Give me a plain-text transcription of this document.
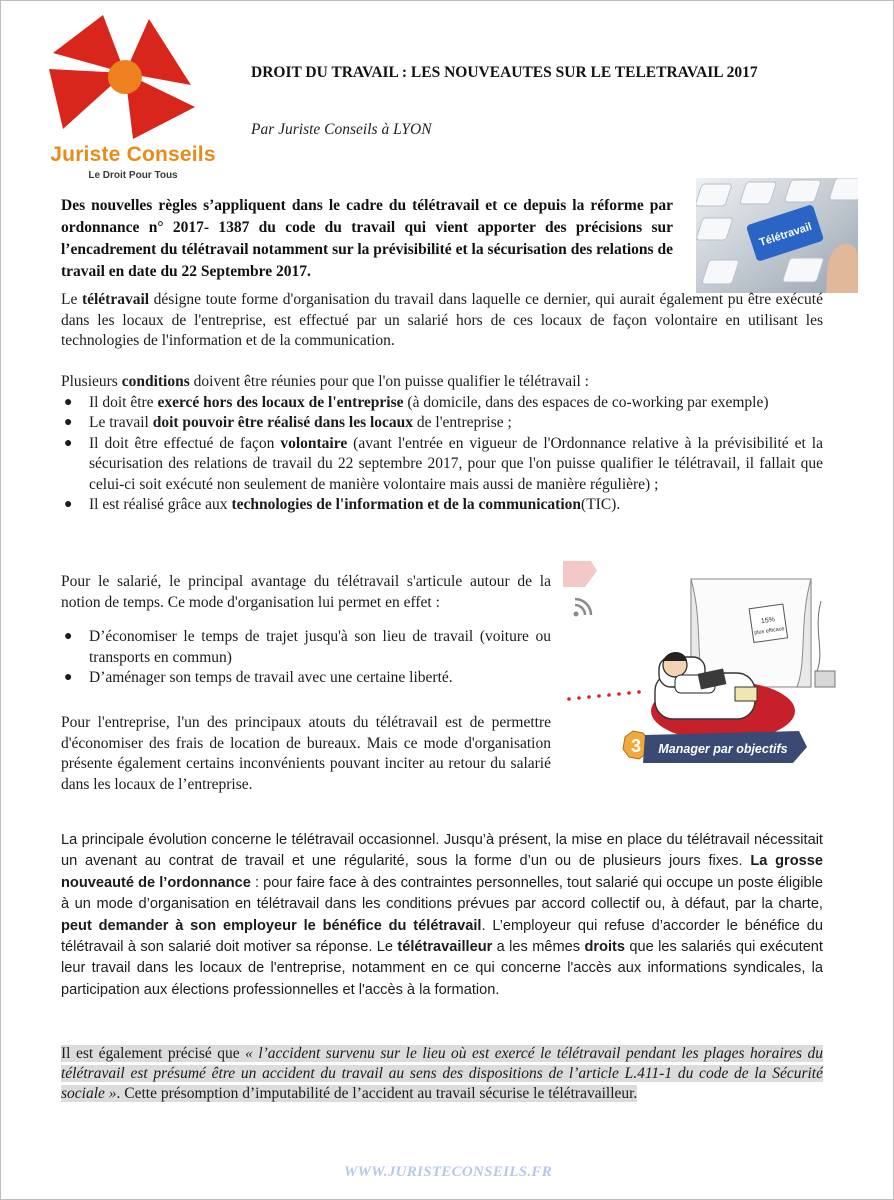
Juriste Conseils
Le Droit Pour Tous
DROIT DU TRAVAIL : LES NOUVEAUTES SUR LE TELETRAVAIL 2017
Par Juriste Conseils à LYON
Des nouvelles règles s’appliquent dans le cadre du télétravail et ce depuis la réforme par ordonnance n° 2017- 1387 du code du travail qui vient apporter des précisions sur l’encadrement du télétravail notamment sur la prévisibilité et la sécurisation des relations de travail en date du 22 Septembre 2017.
Télétravail
Le télétravail désigne toute forme d'organisation du travail dans laquelle ce dernier, qui aurait également pu être exécuté dans les locaux de l'entreprise, est effectué par un salarié hors de ces locaux de façon volontaire en utilisant les technologies de l'information et de la communication.
Plusieurs conditions doivent être réunies pour que l'on puisse qualifier le télétravail :
● Il doit être exercé hors des locaux de l'entreprise (à domicile, dans des espaces de co-working par exemple)
● Le travail doit pouvoir être réalisé dans les locaux de l'entreprise ;
● Il doit être effectué de façon volontaire (avant l'entrée en vigueur de l'Ordonnance relative à la prévisibilité et la sécurisation des relations de travail du 22 septembre 2017, pour que l'on puisse qualifier le télétravail, il fallait que celui-ci soit exécuté non seulement de manière volontaire mais aussi de manière régulière) ;
● Il est réalisé grâce aux technologies de l'information et de la communication(TIC).
Pour le salarié, le principal avantage du télétravail s'articule autour de la notion de temps. Ce mode d'organisation lui permet en effet :
● D’économiser le temps de trajet jusqu'à son lieu de travail (voiture ou transports en commun)
● D’aménager son temps de travail avec une certaine liberté.
Pour l'entreprise, l'un des principaux atouts du télétravail est de permettre d'économiser des frais de location de bureaux. Mais ce mode d'organisation présente également certains inconvénients pouvant inciter au retour du salarié dans les locaux de l’entreprise.
15%
plus efficace
3 Manager par objectifs
La principale évolution concerne le télétravail occasionnel. Jusqu’à présent, la mise en place du télétravail nécessitait un avenant au contrat de travail et une régularité, sous la forme d’un ou de plusieurs jours fixes. La grosse nouveauté de l’ordonnance : pour faire face à des contraintes personnelles, tout salarié qui occupe un poste éligible à un mode d’organisation en télétravail dans les conditions prévues par accord collectif ou, à défaut, par la charte, peut demander à son employeur le bénéfice du télétravail. L’employeur qui refuse d’accorder le bénéfice du télétravail à son salarié doit motiver sa réponse. Le télétravailleur a les mêmes droits que les salariés qui exécutent leur travail dans les locaux de l'entreprise, notamment en ce qui concerne l'accès aux informations syndicales, la participation aux élections professionnelles et l'accès à la formation.
Il est également précisé que « l’accident survenu sur le lieu où est exercé le télétravail pendant les plages horaires du télétravail est présumé être un accident du travail au sens des dispositions de l’article L.411-1 du code de la Sécurité sociale ». Cette présomption d’imputabilité de l’accident au travail sécurise le télétravailleur.
WWW.JURISTECONSEILS.FR
